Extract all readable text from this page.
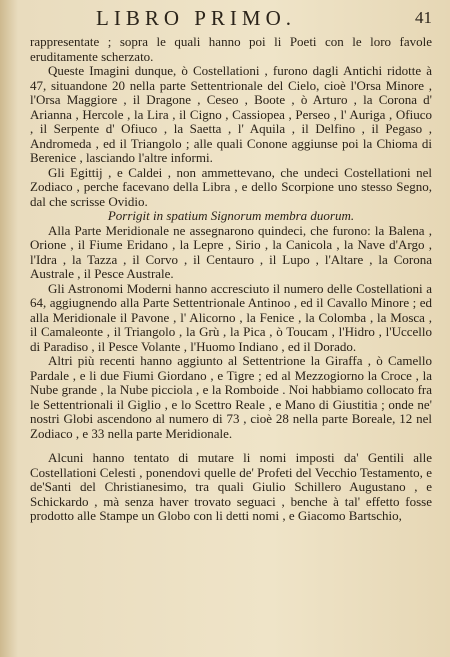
LIBRO PRIMO.	41

rappresentate ; sopra le quali hanno poi li Poeti con le loro favole eruditamente scherzato.

Queste Imagini dunque, ò Costellationi , furono dagli Antichi ridotte à 47, situandone 20 nella parte Settentrionale del Cielo, cioè l'Orsa Minore , l'Orsa Maggiore , il Dragone , Ceseo , Boote , ò Arturo , la Corona d' Arianna , Hercole , la Lira , il Cigno , Cassiopea , Perseo , l' Auriga , Ofiuco , il Serpente d' Ofiuco , la Saetta , l' Aquila , il Delfino , il Pegaso , Andromeda , ed il Triangolo ; alle quali Conone aggiunse poi la Chioma di Berenice , lasciando l'altre informi.

Gli Egittij , e Caldei , non ammettevano, che undeci Costellationi nel Zodiaco , perche facevano della Libra , e dello Scorpione uno stesso Segno, dal che scrisse Ovidio.

Porrigit in spatium Signorum membra duorum.

Alla Parte Meridionale ne assegnarono quindeci, che furono: la Balena , Orione , il Fiume Eridano , la Lepre , Sirio , la Canicola , la Nave d'Argo , l'Idra , la Tazza , il Corvo , il Centauro , il Lupo , l'Altare , la Corona Australe , il Pesce Australe.

Gli Astronomi Moderni hanno accresciuto il numero delle Costellationi a 64, aggiugnendo alla Parte Settentrionale Antinoo , ed il Cavallo Minore ; ed alla Meridionale il Pavone , l' Alicorno , la Fenice , la Colomba , la Mosca , il Camaleonte , il Triangolo , la Grù , la Pica , ò Toucam , l'Hidro , l'Uccello di Paradiso , il Pesce Volante , l'Huomo Indiano , ed il Dorado.

Altri più recenti hanno aggiunto al Settentrione la Giraffa , ò Camello Pardale , e li due Fiumi Giordano , e Tigre ; ed al Mezzogiorno la Croce , la Nube grande , la Nube picciola , e la Romboide . Noi habbiamo collocato fra le Settentrionali il Giglio , e lo Scettro Reale , e Mano di Giustitia ; onde ne' nostri Globi ascendono al numero di 73 , cioè 28 nella parte Boreale, 12 nel Zodiaco , e 33 nella parte Meridionale.

Alcuni hanno tentato di mutare li nomi imposti da' Gentili alle Costellationi Celesti , ponendovi quelle de' Profeti del Vecchio Testamento, e de'Santi del Christianesimo, tra quali Giulio Schillero Augustano , e Schickardo , mà senza haver trovato seguaci , benche à tal' effetto fosse prodotto alle Stampe un Globo con li detti nomi , e Giacomo Bartschio,
